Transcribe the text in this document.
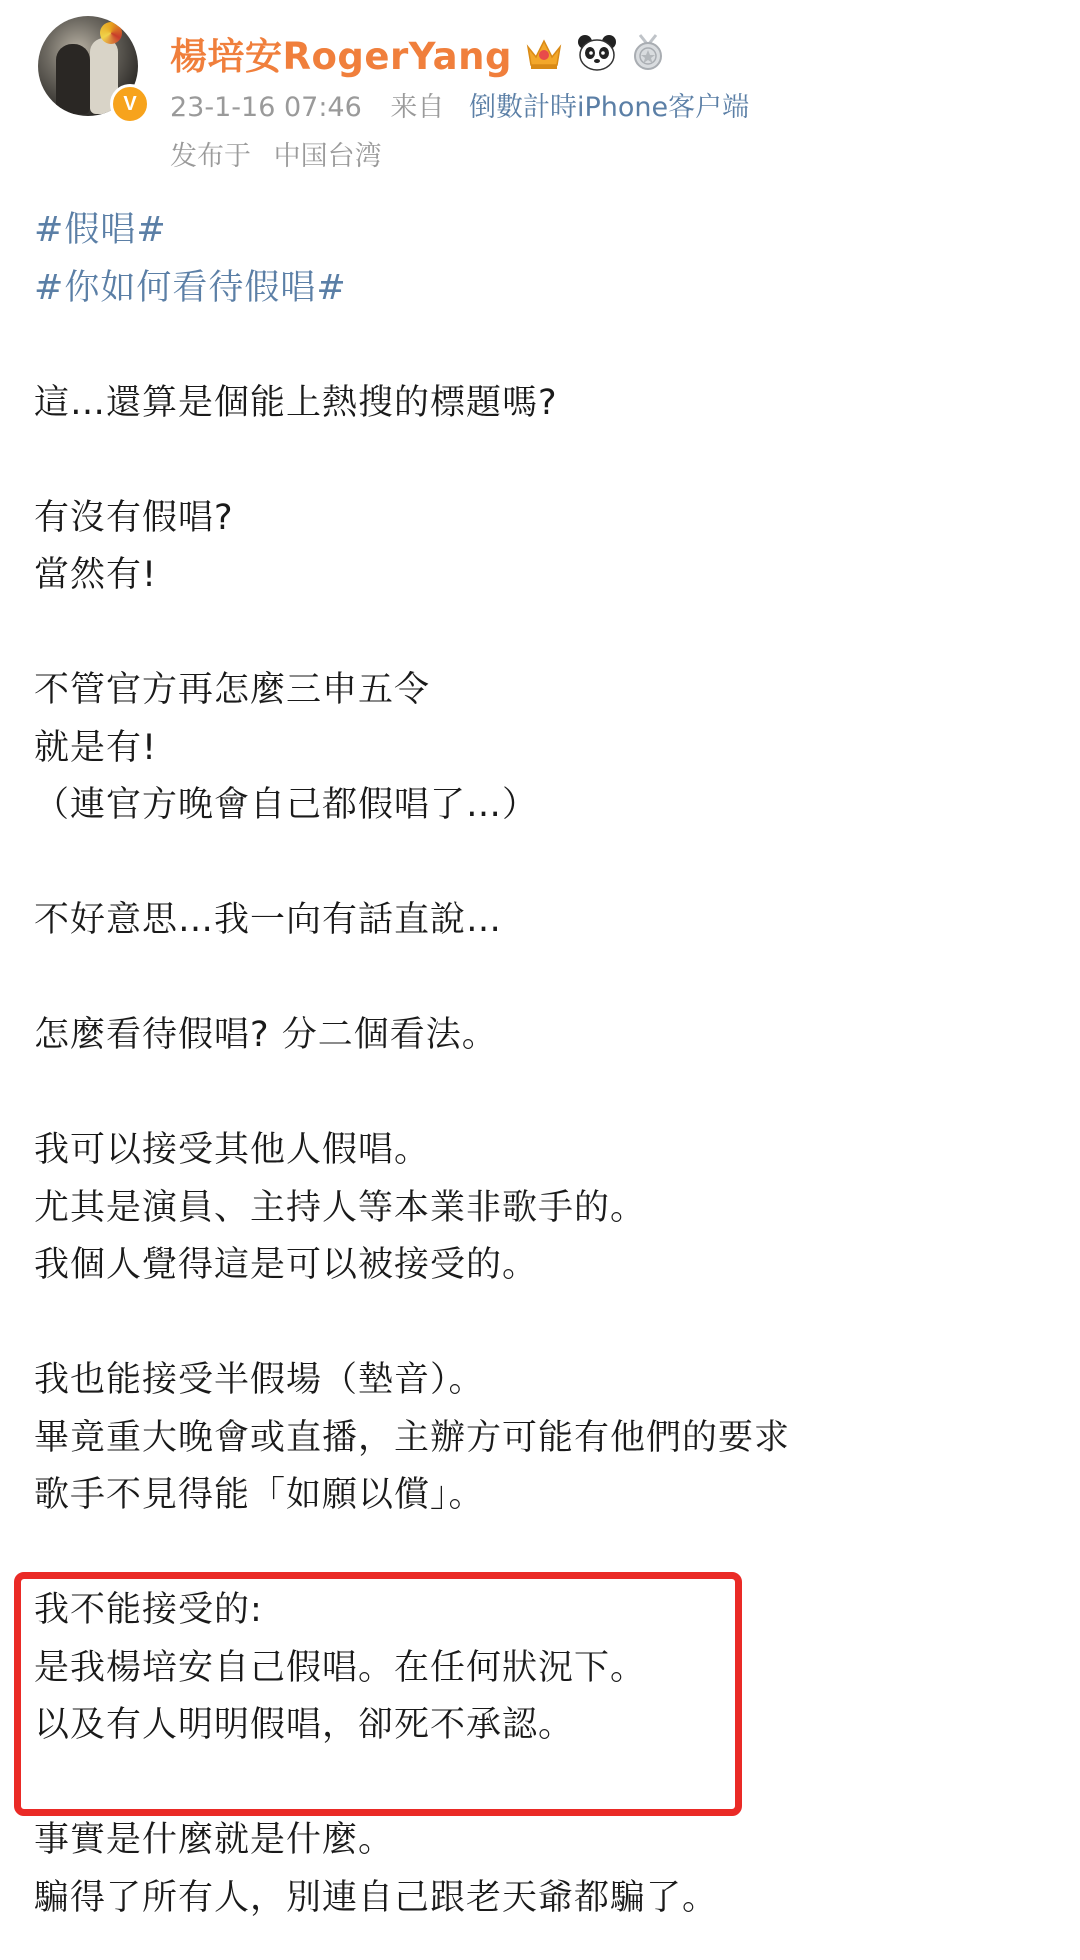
V
楊培安RogerYang
23-1-16 07:46 来自 倒數計時iPhone客户端
发布于 中国台湾
#假唱#
#你如何看待假唱#
這…還算是個能上熱搜的標題嗎?
有沒有假唱?
當然有!
不管官方再怎麼三申五令
就是有!
（連官方晚會自己都假唱了…）
不好意思…我一向有話直說…
怎麼看待假唱? 分二個看法。
我可以接受其他人假唱。
尤其是演員、主持人等本業非歌手的。
我個人覺得這是可以被接受的。
我也能接受半假場（墊音）。
畢竟重大晚會或直播，主辦方可能有他們的要求
歌手不見得能「如願以償」。
我不能接受的:
是我楊培安自己假唱。在任何狀況下。
以及有人明明假唱，卻死不承認。
事實是什麼就是什麼。
騙得了所有人，別連自己跟老天爺都騙了。
